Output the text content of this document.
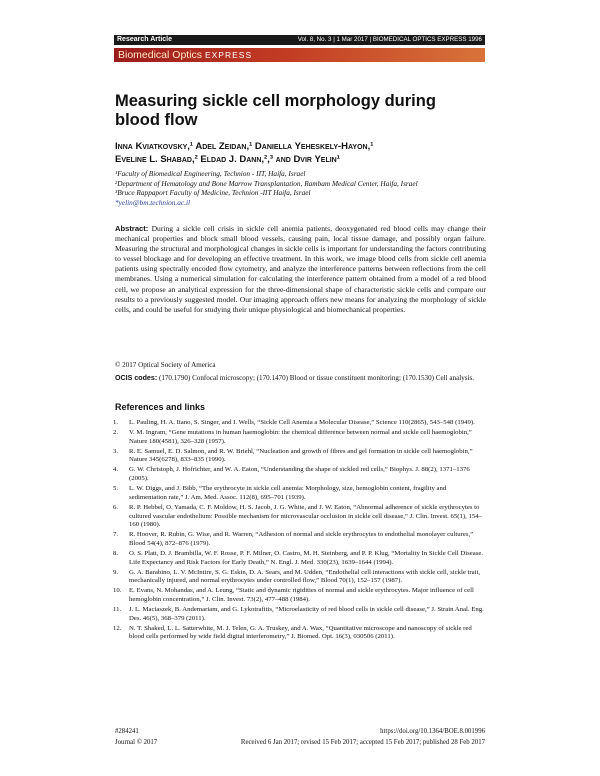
Research Article	Vol. 8, No. 3 | 1 Mar 2017 | BIOMEDICAL OPTICS EXPRESS 1996
Biomedical Optics EXPRESS
Measuring sickle cell morphology during blood flow
Inna Kviatkovsky,¹ Adel Zeidan,¹ Daniella Yeheskely-Hayon,¹
Eveline L. Shabad,² Eldad J. Dann,²,³ and Dvir Yelin¹
¹Faculty of Biomedical Engineering, Technion - IIT, Haifa, Israel
²Department of Hematology and Bone Marrow Transplantation, Rambam Medical Center, Haifa, Israel
³Bruce Rappaport Faculty of Medicine, Technion -IIT Haifa, Israel
*yelin@bm.technion.ac.il
Abstract: During a sickle cell crisis in sickle cell anemia patients, deoxygenated red blood cells may change their mechanical properties and block small blood vessels, causing pain, local tissue damage, and possibly organ failure. Measuring the structural and morphological changes in sickle cells is important for understanding the factors contributing to vessel blockage and for developing an effective treatment. In this work, we image blood cells from sickle cell anemia patients using spectrally encoded flow cytometry, and analyze the interference patterns between reflections from the cell membranes. Using a numerical simulation for calculating the interference pattern obtained from a model of a red blood cell, we propose an analytical expression for the three-dimensional shape of characteristic sickle cells and compare our results to a previously suggested model. Our imaging approach offers new means for analyzing the morphology of sickle cells, and could be useful for studying their unique physiological and biomechanical properties.
© 2017 Optical Society of America
OCIS codes: (170.1790) Confocal microscopy; (170.1470) Blood or tissue constituent monitoring; (170.1530) Cell analysis.
References and links
1.	L. Pauling, H. A. Itano, S. Singer, and I. Wells, “Sickle Cell Anemia a Molecular Disease,” Science 110(2865), 543–548 (1949).
2.	V. M. Ingram, “Gene mutations in human haemoglobin: the chemical difference between normal and sickle cell haemoglobin,” Nature 180(4581), 326–328 (1957).
3.	R. E. Samuel, E. D. Salmon, and R. W. Briehl, “Nucleation and growth of fibres and gel formation in sickle cell haemoglobin,” Nature 345(6278), 833–835 (1990).
4.	G. W. Christoph, J. Hofrichter, and W. A. Eaton, “Understanding the shape of sickled red cells,” Biophys. J. 88(2), 1371–1376 (2005).
5.	L. W. Diggs, and J. Bibb, “The erythrocyte in sickle cell anemia: Morphology, size, hemoglobin content, fragility and sedimentation rate,” J. Am. Med. Assoc. 112(8), 695–701 (1939).
6.	R. P. Hebbel, O. Yamada, C. F. Moldow, H. S. Jacob, J. G. White, and J. W. Eaton, “Abnormal adherence of sickle erythrocytes to cultured vascular endothelium: Possible mechanism for microvascular occlusion in sickle cell disease,” J. Clin. Invest. 65(1), 154–160 (1980).
7.	R. Hoover, R. Rubin, G. Wise, and R. Warren, “Adhesion of normal and sickle erythrocytes to endothelial monolayer cultures,” Blood 54(4), 872–876 (1979).
8.	O. S. Platt, D. J. Brambilla, W. F. Rosse, P. F. Milner, O. Castro, M. H. Steinberg, and P. P. Klug, “Mortality In Sickle Cell Disease. Life Expectancy and Risk Factors for Early Death,” N. Engl. J. Med. 330(23), 1639–1644 (1994).
9.	G. A. Barabino, L. V. McIntire, S. G. Eskin, D. A. Sears, and M. Udden, “Endothelial cell interactions with sickle cell, sickle trait, mechanically injured, and normal erythrocytes under controlled flow,” Blood 70(1), 152–157 (1987).
10.	E. Evans, N. Mohandas, and A. Leung, “Static and dynamic rigidities of normal and sickle erythrocytes. Major influence of cell hemoglobin concentration,” J. Clin. Invest. 73(2), 477–488 (1984).
11.	J. L. Maciaszek, B. Andemariam, and G. Lykotrafitis, “Microelasticity of red blood cells in sickle cell disease,” J. Strain Anal. Eng. Des. 46(5), 368–379 (2011).
12.	N. T. Shaked, L. L. Satterwhite, M. J. Telen, G. A. Truskey, and A. Wax, “Quantitative microscope and nanoscopy of sickle red blood cells performed by wide field digital interferometry,” J. Biomed. Opt. 16(3), 030506 (2011).
#284241	https://doi.org/10.1364/BOE.8.001996
Journal © 2017	Received 6 Jan 2017; revised 15 Feb 2017; accepted 15 Feb 2017; published 28 Feb 2017
